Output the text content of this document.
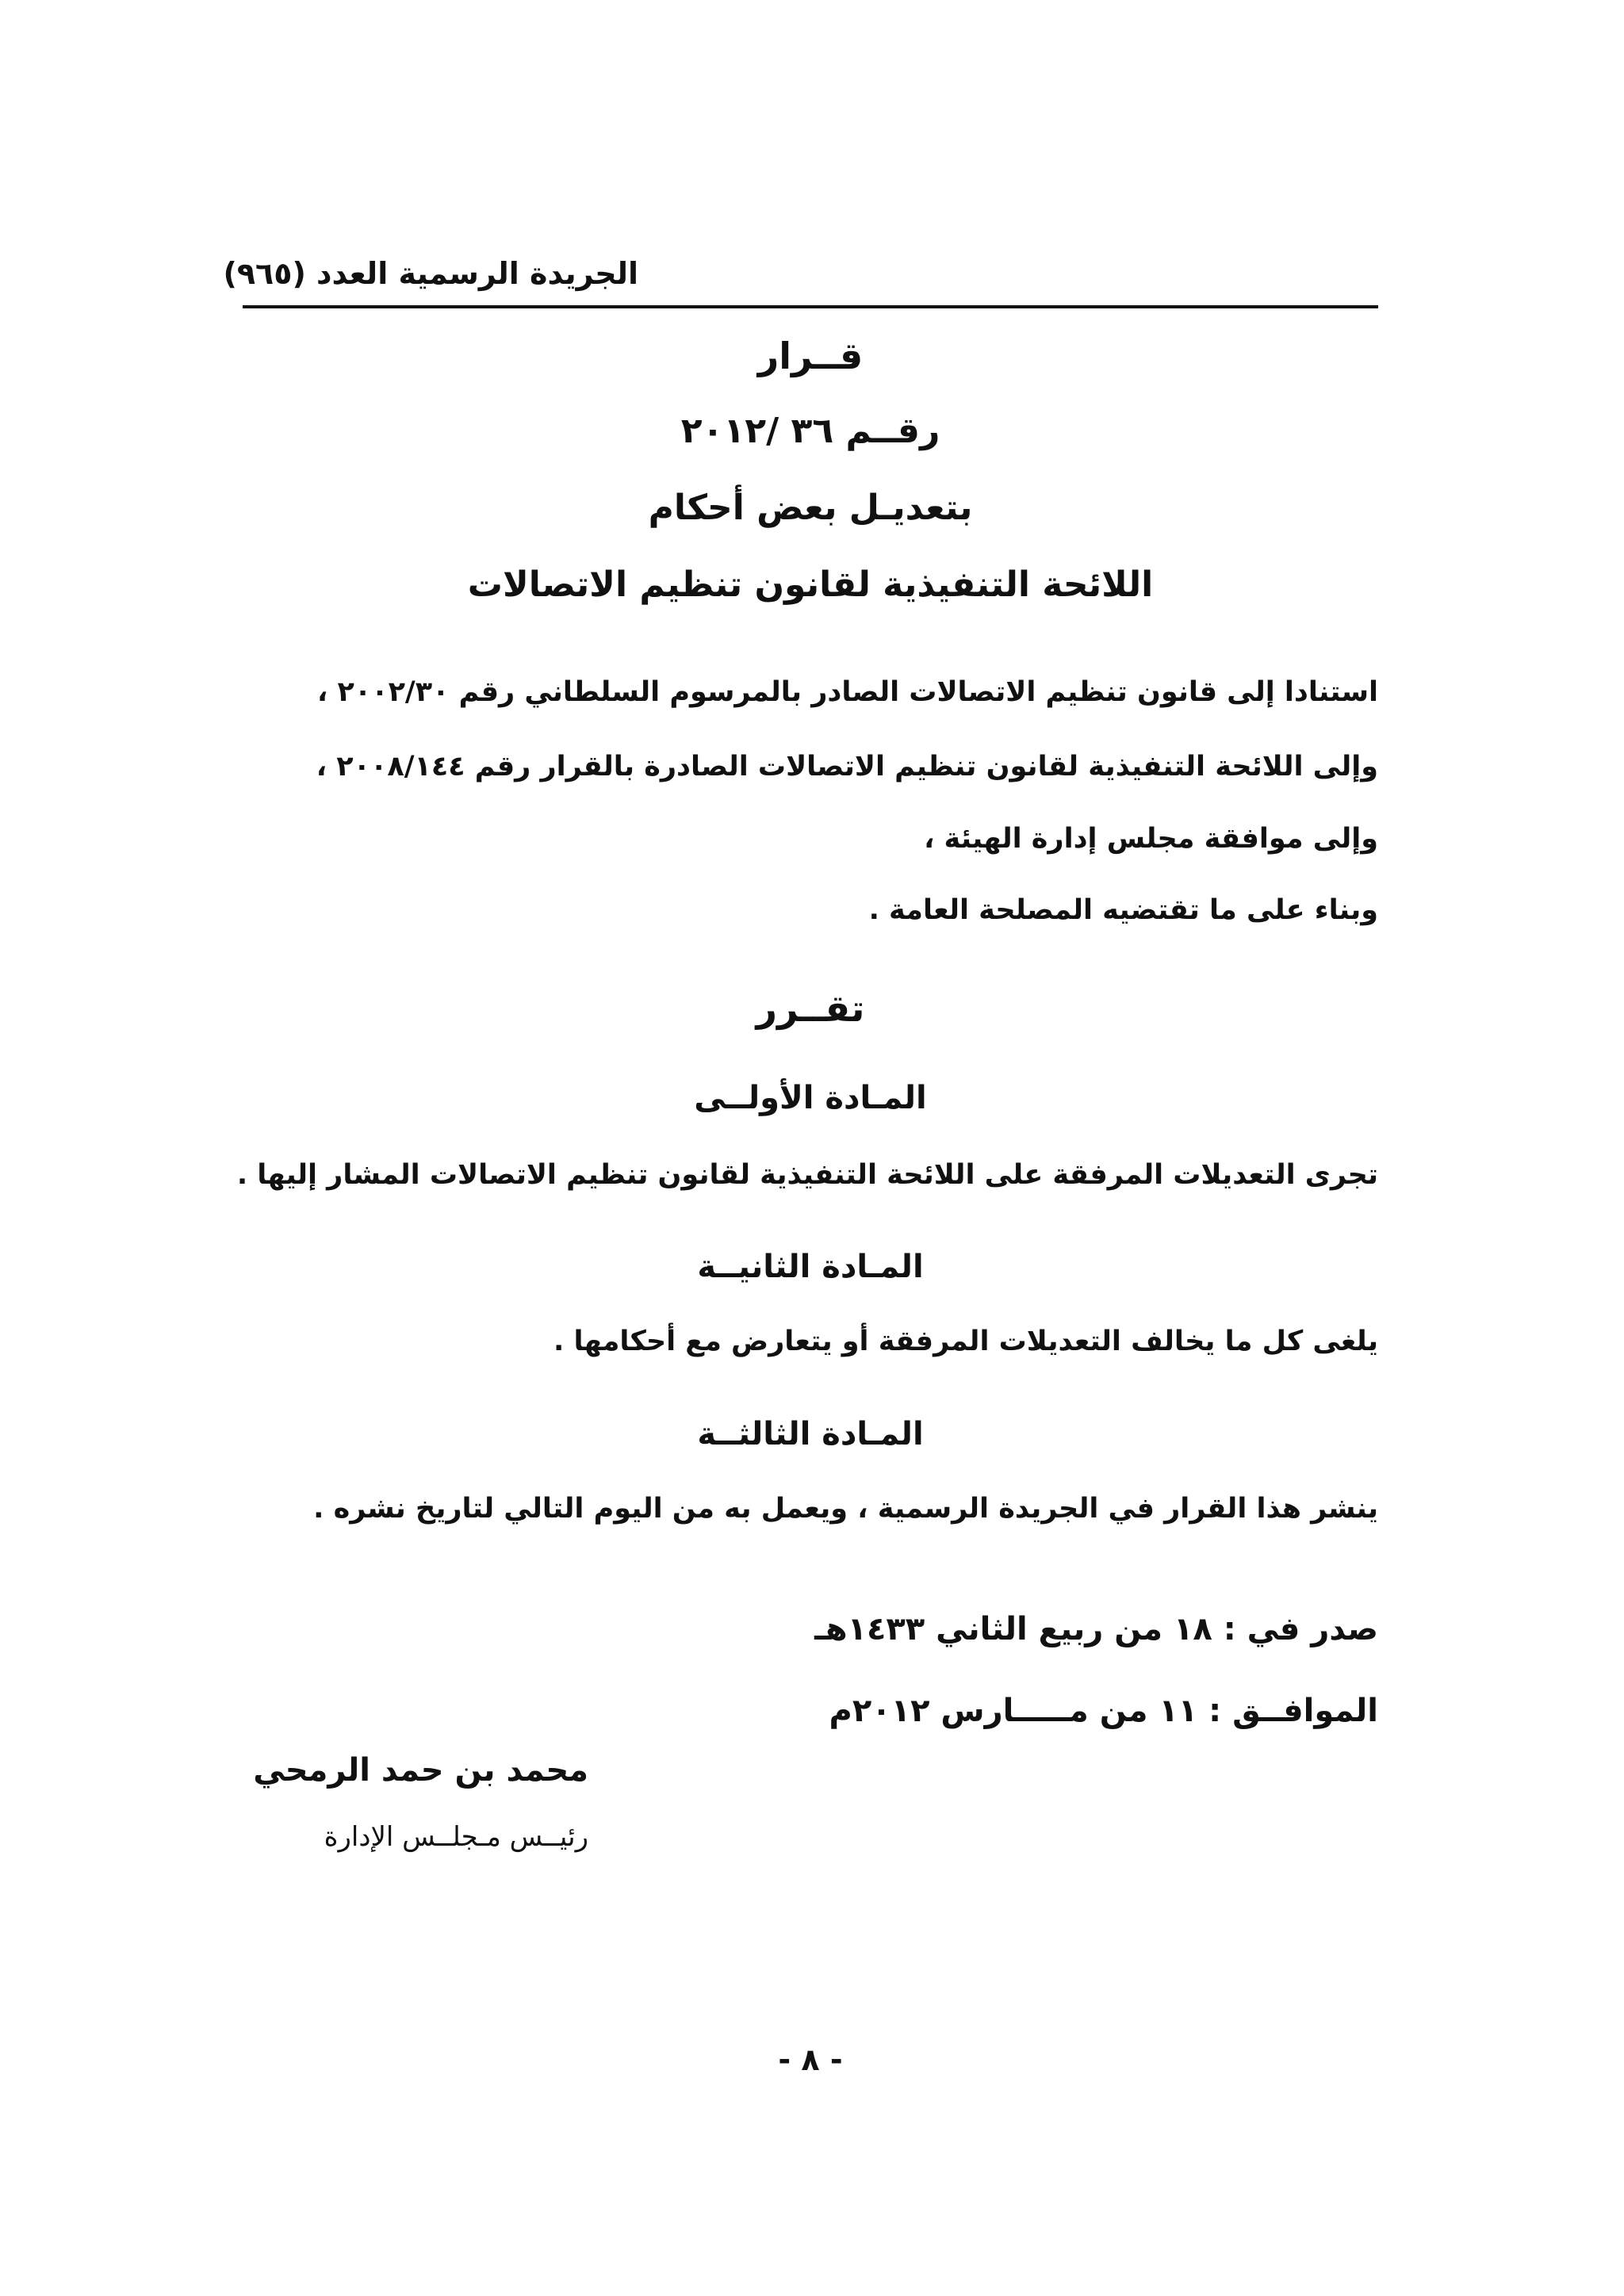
الجريدة الرسمية العدد (٩٦٥)
قــرار
رقــم ٣٦ /٢٠١٢
بتعديـل بعض أحكام
اللائحة التنفيذية لقانون تنظيم الاتصالات
استنادا إلى قانون تنظيم الاتصالات الصادر بالمرسوم السلطاني رقم ٢٠٠٢/٣٠ ،
وإلى اللائحة التنفيذية لقانون تنظيم الاتصالات الصادرة بالقرار رقم ٢٠٠٨/١٤٤ ،
وإلى موافقة مجلس إدارة الهيئة ،
وبناء على ما تقتضيه المصلحة العامة .
تقــرر
المـادة الأولــى
تجرى التعديلات المرفقة على اللائحة التنفيذية لقانون تنظيم الاتصالات المشار إليها .
المـادة الثانيــة
يلغى كل ما يخالف التعديلات المرفقة أو يتعارض مع أحكامها .
المـادة الثالثــة
ينشر هذا القرار في الجريدة الرسمية ، ويعمل به من اليوم التالي لتاريخ نشره .
صدر في : ١٨ من ربيع الثاني ١٤٣٣هـ
الموافــق : ١١ من مـــــارس ٢٠١٢م
محمد بن حمد الرمحي
رئيــس مـجلــس الإدارة
- ٨ -
